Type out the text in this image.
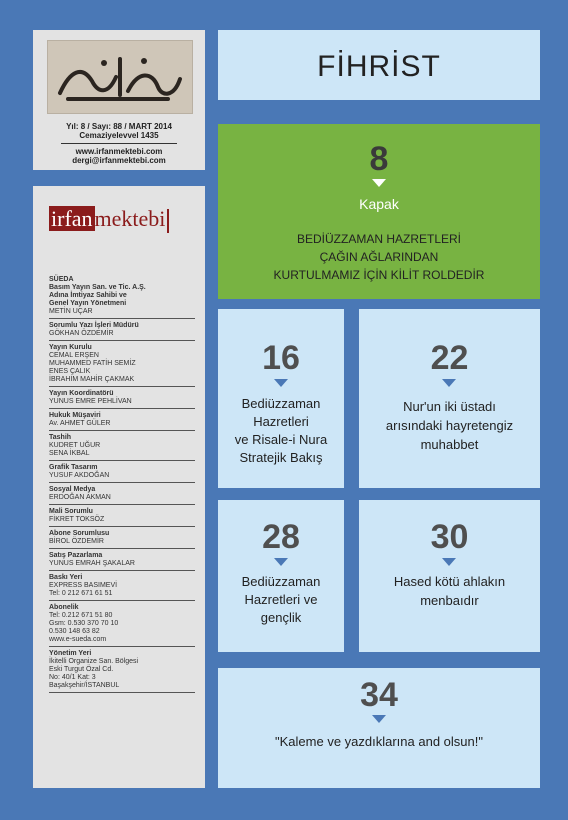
Yıl: 8 / Sayı: 88 / MART 2014
Cemaziyelevvel 1435
www.irfanmektebi.com
dergi@irfanmektebi.com
irfanmektebi
SÜEDA
Basım Yayın San. ve Tic. A.Ş.
Adına İmtiyaz Sahibi ve
Genel Yayın Yönetmeni
METİN UÇAR
Sorumlu Yazı İşleri Müdürü
GÖKHAN ÖZDEMİR
Yayın Kurulu
CEMAL ERŞEN
MUHAMMED FATİH SEMİZ
ENES ÇALIK
İBRAHİM MAHİR ÇAKMAK
Yayın Koordinatörü
YUNUS EMRE PEHLİVAN
Hukuk Müşaviri
Av. AHMET GÜLER
Tashih
KUDRET UĞUR
SENA İKBAL
Grafik Tasarım
YUSUF AKDOĞAN
Sosyal Medya
ERDOĞAN AKMAN
Mali Sorumlu
FİKRET TOKSÖZ
Abone Sorumlusu
BİROL ÖZDEMİR
Satış Pazarlama
YUNUS EMRAH ŞAKALAR
Baskı Yeri
EXPRESS BASIMEVİ
Tel: 0 212 671 61 51
Abonelik
Tel: 0.212 671 51 80
Gsm: 0.530 370 70 10
0.530 148 63 82
www.e-sueda.com
Yönetim Yeri
İkitelli Organize San. Bölgesi
Eski Turgut Özal Cd.
No: 40/1 Kat: 3
Başakşehir/İSTANBUL
FİHRİST
8
Kapak
BEDİÜZZAMAN HAZRETLERİ
ÇAĞIN AĞLARINDAN
KURTULMAMIZ İÇİN KİLİT ROLDEDİR
16
Bediüzzaman
Hazretleri
ve Risale-i Nura
Stratejik Bakış
22
Nur'un iki üstadı
arısındaki hayretengiz
muhabbet
28
Bediüzzaman
Hazretleri ve
gençlik
30
Hased kötü ahlakın
menbaıdır
34
"Kaleme ve yazdıklarına and olsun!"
